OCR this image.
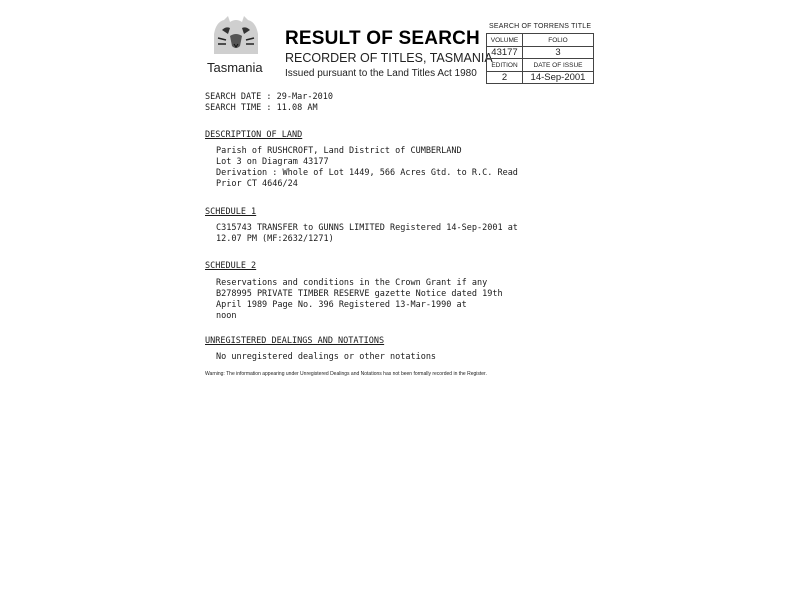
Tasmania
RESULT OF SEARCH
RECORDER OF TITLES, TASMANIA
Issued pursuant to the Land Titles Act 1980
SEARCH OF TORRENS TITLE
VOLUME	FOLIO
43177	3
EDITION	DATE OF ISSUE
2	14-Sep-2001
SEARCH DATE : 29-Mar-2010
SEARCH TIME : 11.08 AM
DESCRIPTION OF LAND
Parish of RUSHCROFT, Land District of CUMBERLAND
Lot 3 on Diagram 43177
Derivation : Whole of Lot 1449, 566 Acres Gtd. to R.C. Read
Prior CT 4646/24
SCHEDULE 1
C315743 TRANSFER to GUNNS LIMITED Registered 14-Sep-2001 at
12.07 PM (MF:2632/1271)
SCHEDULE 2
Reservations and conditions in the Crown Grant if any
B278995 PRIVATE TIMBER RESERVE gazette Notice dated 19th
April 1989 Page No. 396 Registered 13-Mar-1990 at
noon
UNREGISTERED DEALINGS AND NOTATIONS
No unregistered dealings or other notations
Warning: The information appearing under Unregistered Dealings and Notations has not been formally recorded in the Register.
